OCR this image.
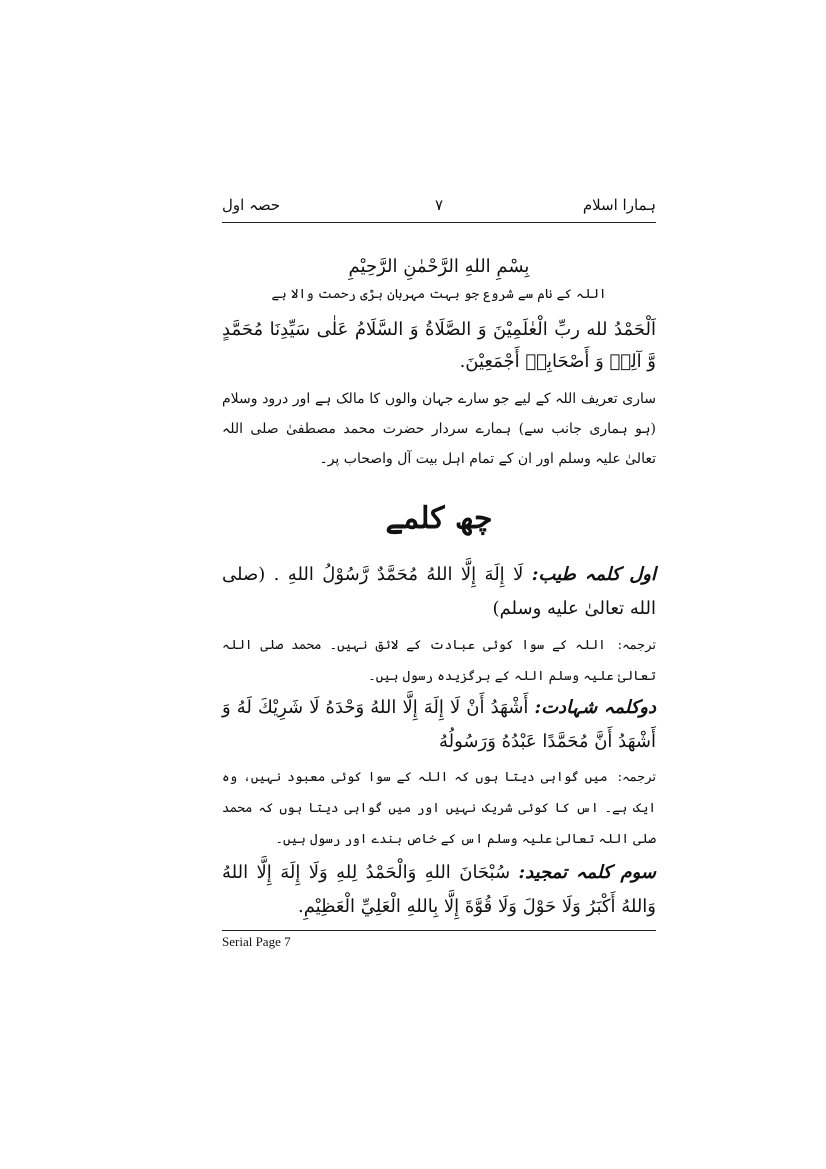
ہمارا اسلام
۷
حصہ اول
بِسْمِ اللهِ الرَّحْمٰنِ الرَّحِيْمِ
اللہ کے نام سے شروع جو بہت مہربان بڑی رحمت والا ہے
اَلْحَمْدُ لله ربِّ الْعٰلَمِيْنَ وَ الصَّلَاةُ وَ السَّلَامُ عَلٰى سَيِّدِنَا مُحَمَّدٍ وَّ آلِهٖ وَ أَصْحَابِهٖ أَجْمَعِيْنَ.
ساری تعریف اللہ کے لیے جو سارے جہان والوں کا مالک ہے اور درود وسلام (ہو ہماری جانب سے) ہمارے سردار حضرت محمد مصطفیٰ صلی اللہ تعالیٰ علیہ وسلم اور ان کے تمام اہل بیت آل واصحاب پر۔
چھ کلمے
اول کلمہ طیب: لَا إِلَهَ إِلَّا اللهُ مُحَمَّدٌ رَّسُوْلُ اللهِ . (صلی الله تعالیٰ علیه وسلم)
ترجمہ: اللہ کے سوا کوئی عبادت کے لائق نہیں۔ محمد صلی اللہ تعالیٰ علیہ وسلم اللہ کے برگزیدہ رسول ہیں۔
دوکلمہ شہادت: أَشْهَدُ أَنْ لَا إِلَهَ إِلَّا اللهُ وَحْدَهُ لَا شَرِيْكَ لَهُ وَ أَشْهَدُ أَنَّ مُحَمَّدًا عَبْدُهُ وَرَسُولُهُ
ترجمہ: میں گواہی دیتا ہوں کہ اللہ کے سوا کوئی معبود نہیں، وہ ایک ہے۔ اس کا کوئی شریک نہیں اور میں گواہی دیتا ہوں کہ محمد صلی اللہ تعالیٰ علیہ وسلم اس کے خاص بندے اور رسول ہیں۔
سوم کلمہ تمجید: سُبْحَانَ اللهِ وَالْحَمْدُ لِلهِ وَلَا إِلَهَ إِلَّا اللهُ وَاللهُ أَكْبَرُ وَلَا حَوْلَ وَلَا قُوَّةَ إِلَّا بِاللهِ الْعَلِيِّ الْعَظِيْمِ.
Serial Page 7
